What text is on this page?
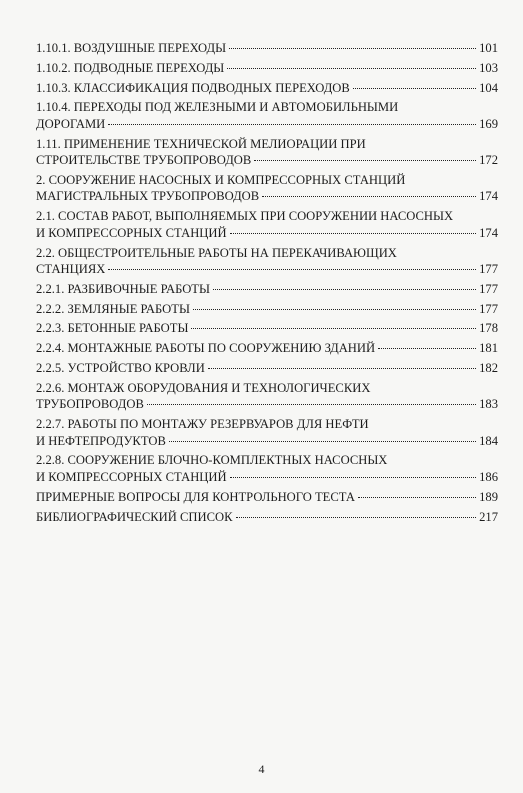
1.10.1. ВОЗДУШНЫЕ ПЕРЕХОДЫ	101
1.10.2. ПОДВОДНЫЕ ПЕРЕХОДЫ	103
1.10.3. КЛАССИФИКАЦИЯ ПОДВОДНЫХ ПЕРЕХОДОВ	104
1.10.4. ПЕРЕХОДЫ ПОД ЖЕЛЕЗНЫМИ И АВТОМОБИЛЬНЫМИ
ДОРОГАМИ	169
1.11. ПРИМЕНЕНИЕ ТЕХНИЧЕСКОЙ МЕЛИОРАЦИИ ПРИ
СТРОИТЕЛЬСТВЕ ТРУБОПРОВОДОВ	172
2. СООРУЖЕНИЕ НАСОСНЫХ И КОМПРЕССОРНЫХ СТАНЦИЙ
МАГИСТРАЛЬНЫХ ТРУБОПРОВОДОВ	174
2.1. СОСТАВ РАБОТ, ВЫПОЛНЯЕМЫХ ПРИ СООРУЖЕНИИ НАСОСНЫХ
И КОМПРЕССОРНЫХ СТАНЦИЙ	174
2.2. ОБЩЕСТРОИТЕЛЬНЫЕ РАБОТЫ НА ПЕРЕКАЧИВАЮЩИХ
СТАНЦИЯХ	177
2.2.1. РАЗБИВОЧНЫЕ РАБОТЫ	177
2.2.2. ЗЕМЛЯНЫЕ РАБОТЫ	177
2.2.3. БЕТОННЫЕ РАБОТЫ	178
2.2.4. МОНТАЖНЫЕ РАБОТЫ ПО СООРУЖЕНИЮ ЗДАНИЙ	181
2.2.5. УСТРОЙСТВО КРОВЛИ	182
2.2.6. МОНТАЖ ОБОРУДОВАНИЯ И ТЕХНОЛОГИЧЕСКИХ
ТРУБОПРОВОДОВ	183
2.2.7. РАБОТЫ ПО МОНТАЖУ РЕЗЕРВУАРОВ ДЛЯ НЕФТИ
И НЕФТЕПРОДУКТОВ	184
2.2.8. СООРУЖЕНИЕ БЛОЧНО-КОМПЛЕКТНЫХ НАСОСНЫХ
И КОМПРЕССОРНЫХ СТАНЦИЙ	186
ПРИМЕРНЫЕ ВОПРОСЫ ДЛЯ КОНТРОЛЬНОГО ТЕСТА	189
БИБЛИОГРАФИЧЕСКИЙ СПИСОК	217
4
